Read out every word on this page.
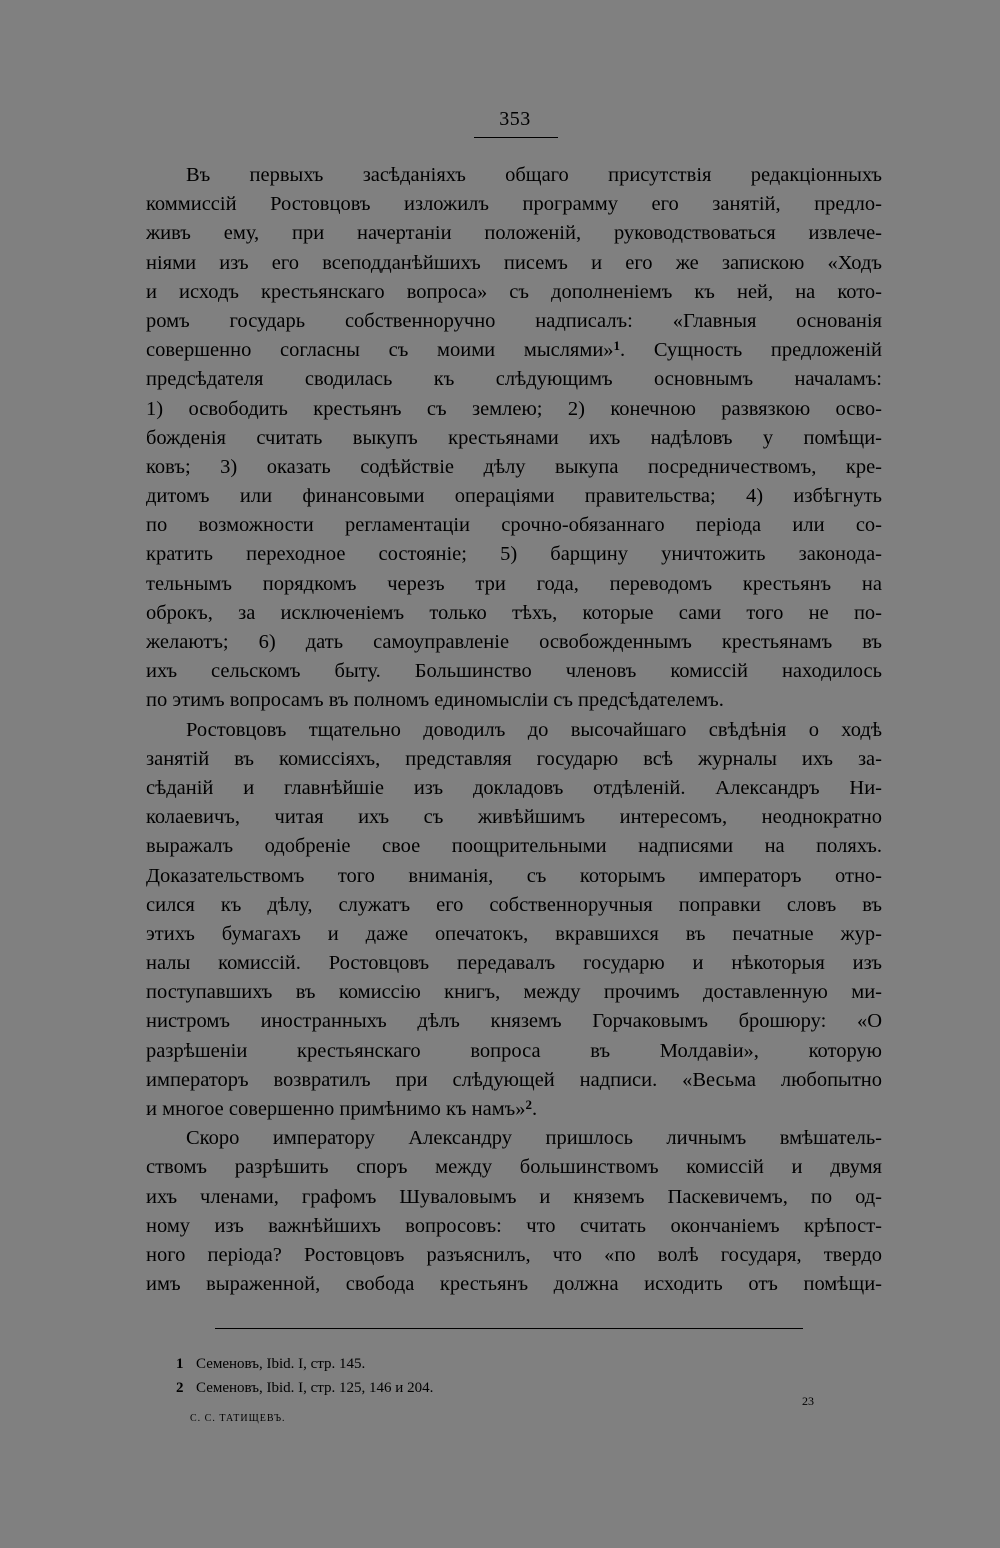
353
Въ первыхъ засѣданіяхъ общаго присутствія редакціонныхъ
коммиссій Ростовцовъ изложилъ программу его занятій, предло-
живъ ему, при начертаніи положеній, руководствоваться извлече-
ніями изъ его всеподданѣйшихъ писемъ и его же запискою «Ходъ
и исходъ крестьянскаго вопроса» съ дополненіемъ къ ней, на кото-
ромъ государь собственноручно надписалъ: «Главныя основанія
совершенно согласны съ моими мыслями»$^1$. Сущность предложеній
предсѣдателя сводилась къ слѣдующимъ основнымъ началамъ:
1) освободить крестьянъ съ землею; 2) конечною развязкою осво-
божденія считать выкупъ крестьянами ихъ надѣловъ у помѣщи-
ковъ; 3) оказать содѣйствіе дѣлу выкупа посредничествомъ, кре-
дитомъ или финансовыми операціями правительства; 4) избѣгнуть
по возможности регламентаціи срочно-обязаннаго періода или со-
кратить переходное состояніе; 5) барщину уничтожить законода-
тельнымъ порядкомъ черезъ три года, переводомъ крестьянъ на
оброкъ, за исключеніемъ только тѣхъ, которые сами того не по-
желаютъ; 6) дать самоуправленіе освобожденнымъ крестьянамъ въ
ихъ сельскомъ быту. Большинство членовъ комиссій находилось
по этимъ вопросамъ въ полномъ единомысліи съ предсѣдателемъ.
Ростовцовъ тщательно доводилъ до высочайшаго свѣдѣнія о ходѣ
занятій въ комиссіяхъ, представляя государю всѣ журналы ихъ за-
сѣданій и главнѣйшіе изъ докладовъ отдѣленій. Александръ Ни-
колаевичъ, читая ихъ съ живѣйшимъ интересомъ, неоднократно
выражалъ одобреніе свое поощрительными надписями на поляхъ.
Доказательствомъ того вниманія, съ которымъ императоръ отно-
сился къ дѣлу, служатъ его собственноручныя поправки словъ въ
этихъ бумагахъ и даже опечатокъ, вкравшихся въ печатные жур-
налы комиссій. Ростовцовъ передавалъ государю и нѣкоторыя изъ
поступавшихъ въ комиссію книгъ, между прочимъ доставленную ми-
нистромъ иностранныхъ дѣлъ княземъ Горчаковымъ брошюру: «О
разрѣшеніи крестьянскаго вопроса въ Молдавіи», которую
императоръ возвратилъ при слѣдующей надписи. «Весьма любопытно
и многое совершенно примѣнимо къ намъ»$^2$.
Скоро императору Александру пришлось личнымъ вмѣшатель-
ствомъ разрѣшить споръ между большинствомъ комиссій и двумя
ихъ членами, графомъ Шуваловымъ и княземъ Паскевичемъ, по од-
ному изъ важнѣйшихъ вопросовъ: что считать окончаніемъ крѣпост-
ного періода? Ростовцовъ разъяснилъ, что «по волѣ государя, твердо
имъ выраженной, свобода крестьянъ должна исходить отъ помѣщи-
1 Семеновъ, Ibid. I, стр. 145.
2 Семеновъ, Ibid. I, стр. 125, 146 и 204.
С. С. ТАТИЩЕВЪ.
23
